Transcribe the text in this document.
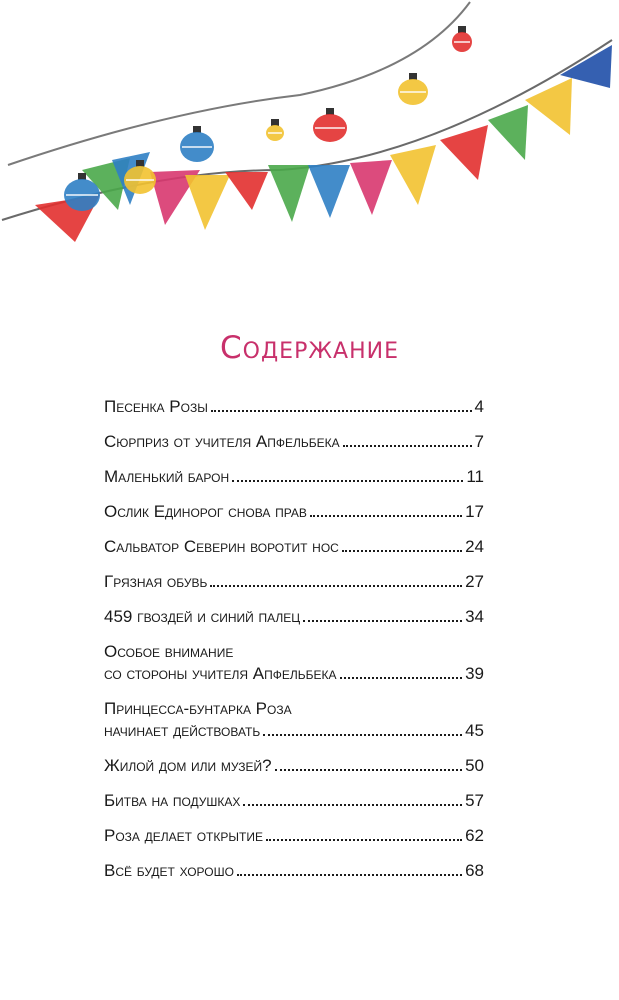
Содержание
Песенка Розы	4
Сюрприз от учителя Апфельбека	7
Маленький барон	11
Ослик Единорог снова прав	17
Сальватор Северин воротит нос	24
Грязная обувь	27
459 гвоздей и синий палец	34
Особое внимание
со стороны учителя Апфельбека	39
Принцесса-бунтарка Роза
начинает действовать	45
Жилой дом или музей?	50
Битва на подушках	57
Роза делает открытие	62
Всё будет хорошо	68
